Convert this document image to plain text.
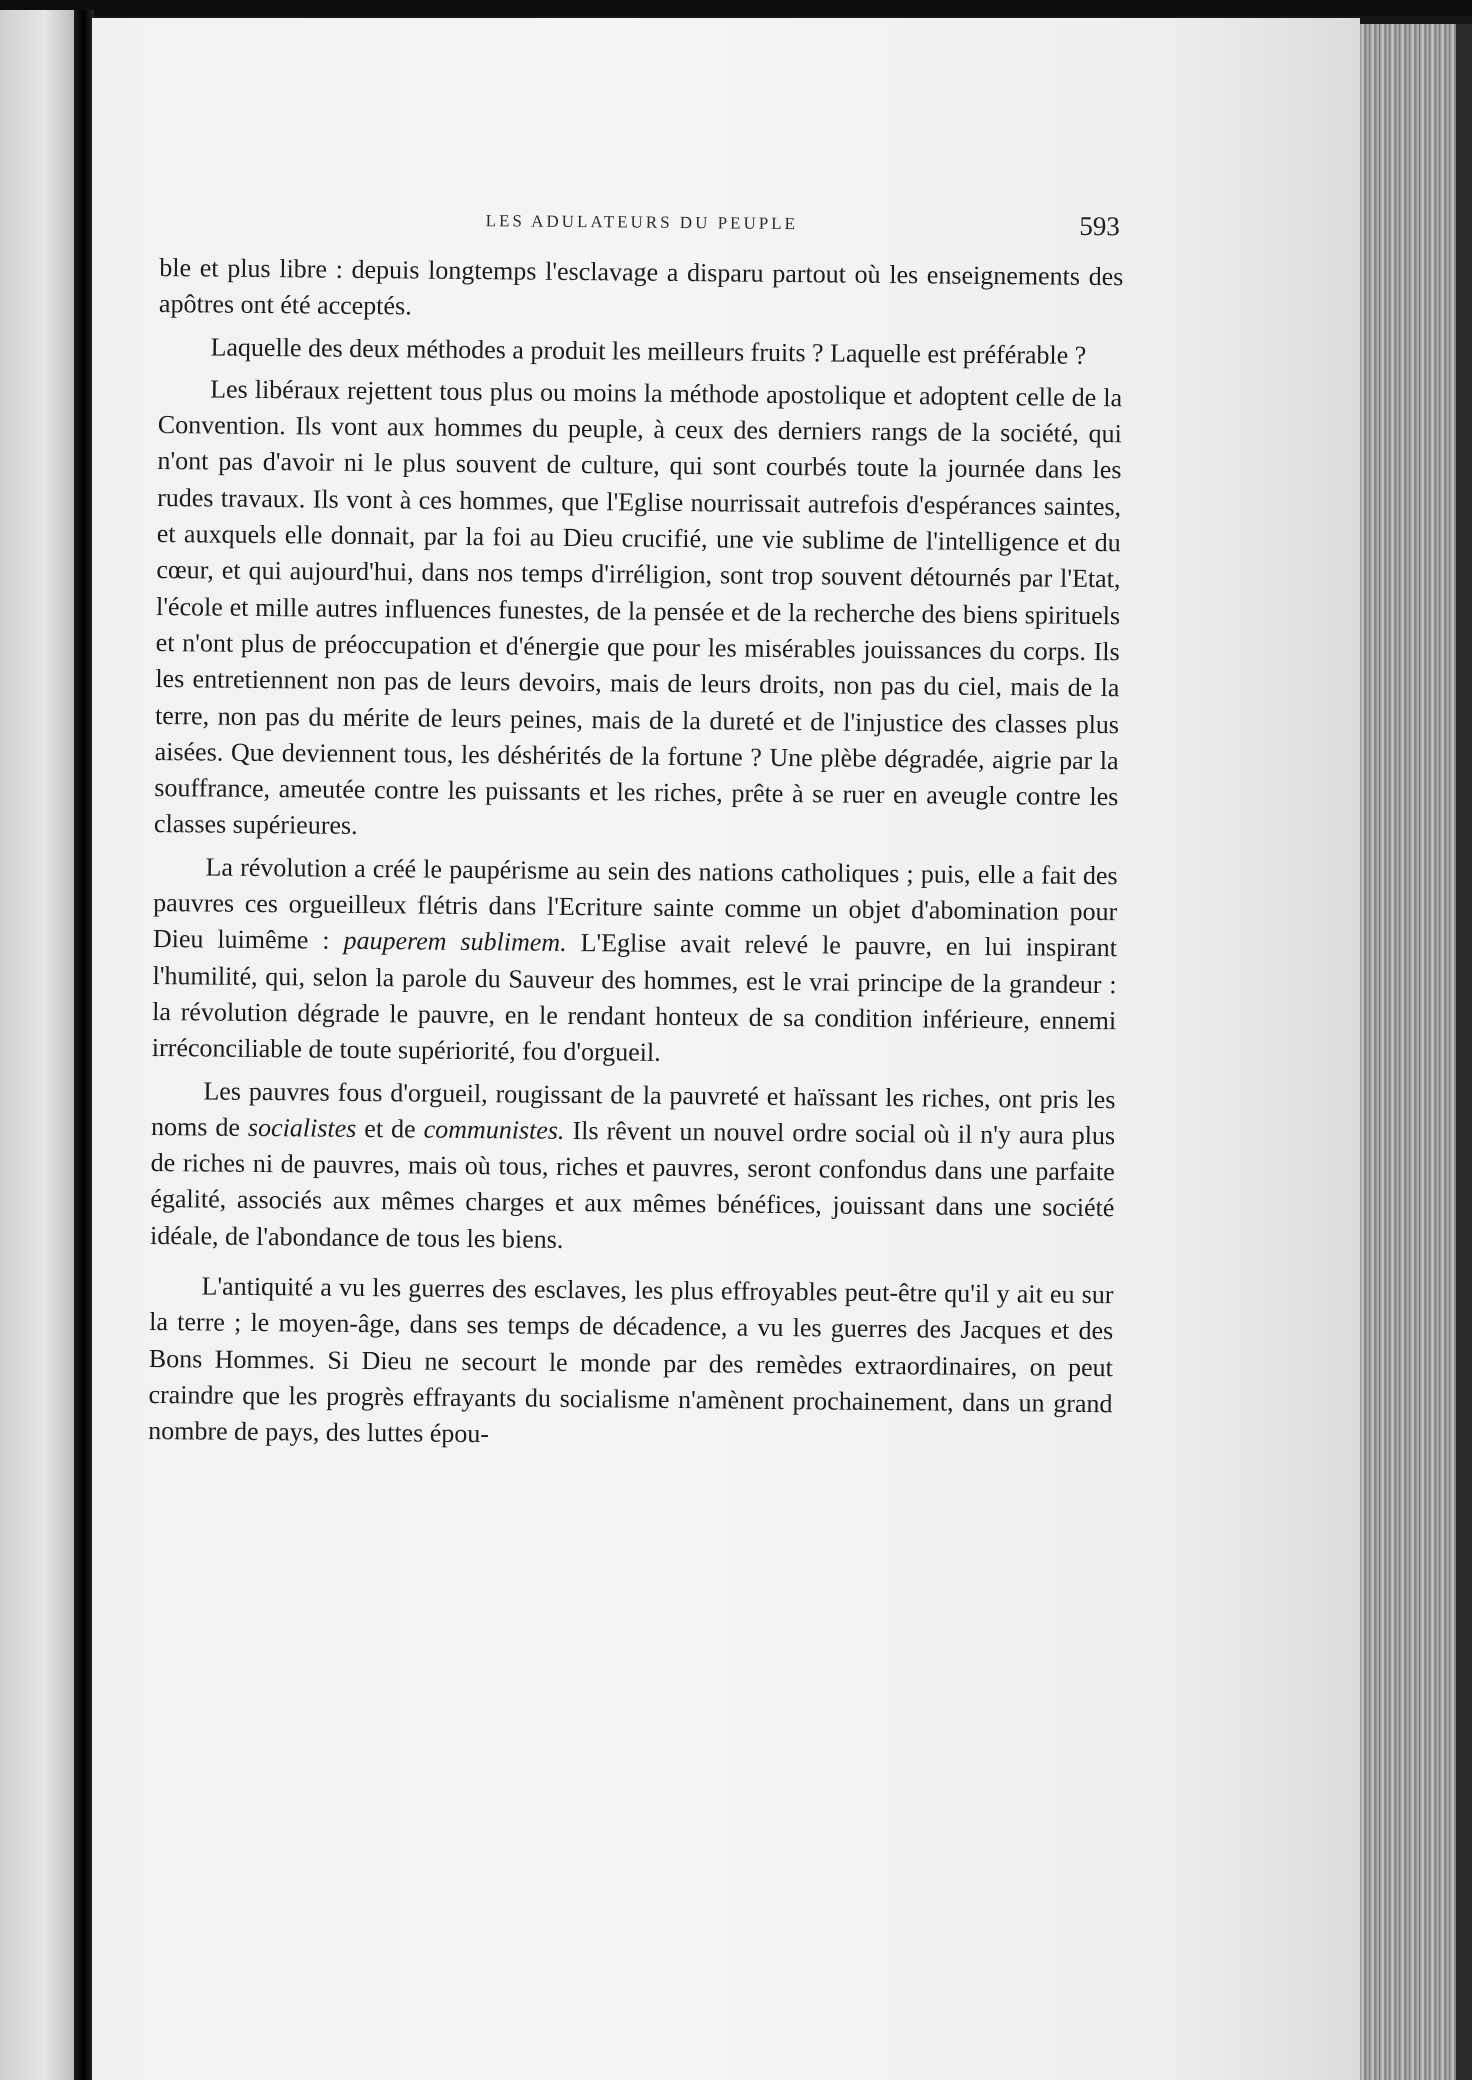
LES ADULATEURS DU PEUPLE	593

ble et plus libre : depuis longtemps l'esclavage a disparu partout où les enseignements des apôtres ont été acceptés.

Laquelle des deux méthodes a produit les meilleurs fruits ? Laquelle est préférable ?

Les libéraux rejettent tous plus ou moins la méthode apostolique et adoptent celle de la Convention. Ils vont aux hommes du peuple, à ceux des derniers rangs de la société, qui n'ont pas d'avoir ni le plus souvent de culture, qui sont courbés toute la journée dans les rudes travaux. Ils vont à ces hommes, que l'Eglise nourrissait autrefois d'espérances saintes, et auxquels elle donnait, par la foi au Dieu crucifié, une vie sublime de l'intelligence et du cœur, et qui aujourd'hui, dans nos temps d'irréligion, sont trop souvent détournés par l'Etat, l'école et mille autres influences funestes, de la pensée et de la recherche des biens spirituels et n'ont plus de préoccupation et d'énergie que pour les misérables jouissances du corps. Ils les entretiennent non pas de leurs devoirs, mais de leurs droits, non pas du ciel, mais de la terre, non pas du mérite de leurs peines, mais de la dureté et de l'injustice des classes plus aisées. Que deviennent tous, les déshérités de la fortune ? Une plèbe dégradée, aigrie par la souffrance, ameutée contre les puissants et les riches, prête à se ruer en aveugle contre les classes supérieures.

La révolution a créé le paupérisme au sein des nations catholiques ; puis, elle a fait des pauvres ces orgueilleux flétris dans l'Ecriture sainte comme un objet d'abomination pour Dieu luimême : pauperem sublimem. L'Eglise avait relevé le pauvre, en lui inspirant l'humilité, qui, selon la parole du Sauveur des hommes, est le vrai principe de la grandeur : la révolution dégrade le pauvre, en le rendant honteux de sa condition inférieure, ennemi irréconciliable de toute supériorité, fou d'orgueil.

Les pauvres fous d'orgueil, rougissant de la pauvreté et haïssant les riches, ont pris les noms de socialistes et de communistes. Ils rêvent un nouvel ordre social où il n'y aura plus de riches ni de pauvres, mais où tous, riches et pauvres, seront confondus dans une parfaite égalité, associés aux mêmes charges et aux mêmes bénéfices, jouissant dans une société idéale, de l'abondance de tous les biens.

L'antiquité a vu les guerres des esclaves, les plus effroyables peut-être qu'il y ait eu sur la terre ; le moyen-âge, dans ses temps de décadence, a vu les guerres des Jacques et des Bons Hommes. Si Dieu ne secourt le monde par des remèdes extraordinaires, on peut craindre que les progrès effrayants du socialisme n'amènent prochainement, dans un grand nombre de pays, des luttes épou-
